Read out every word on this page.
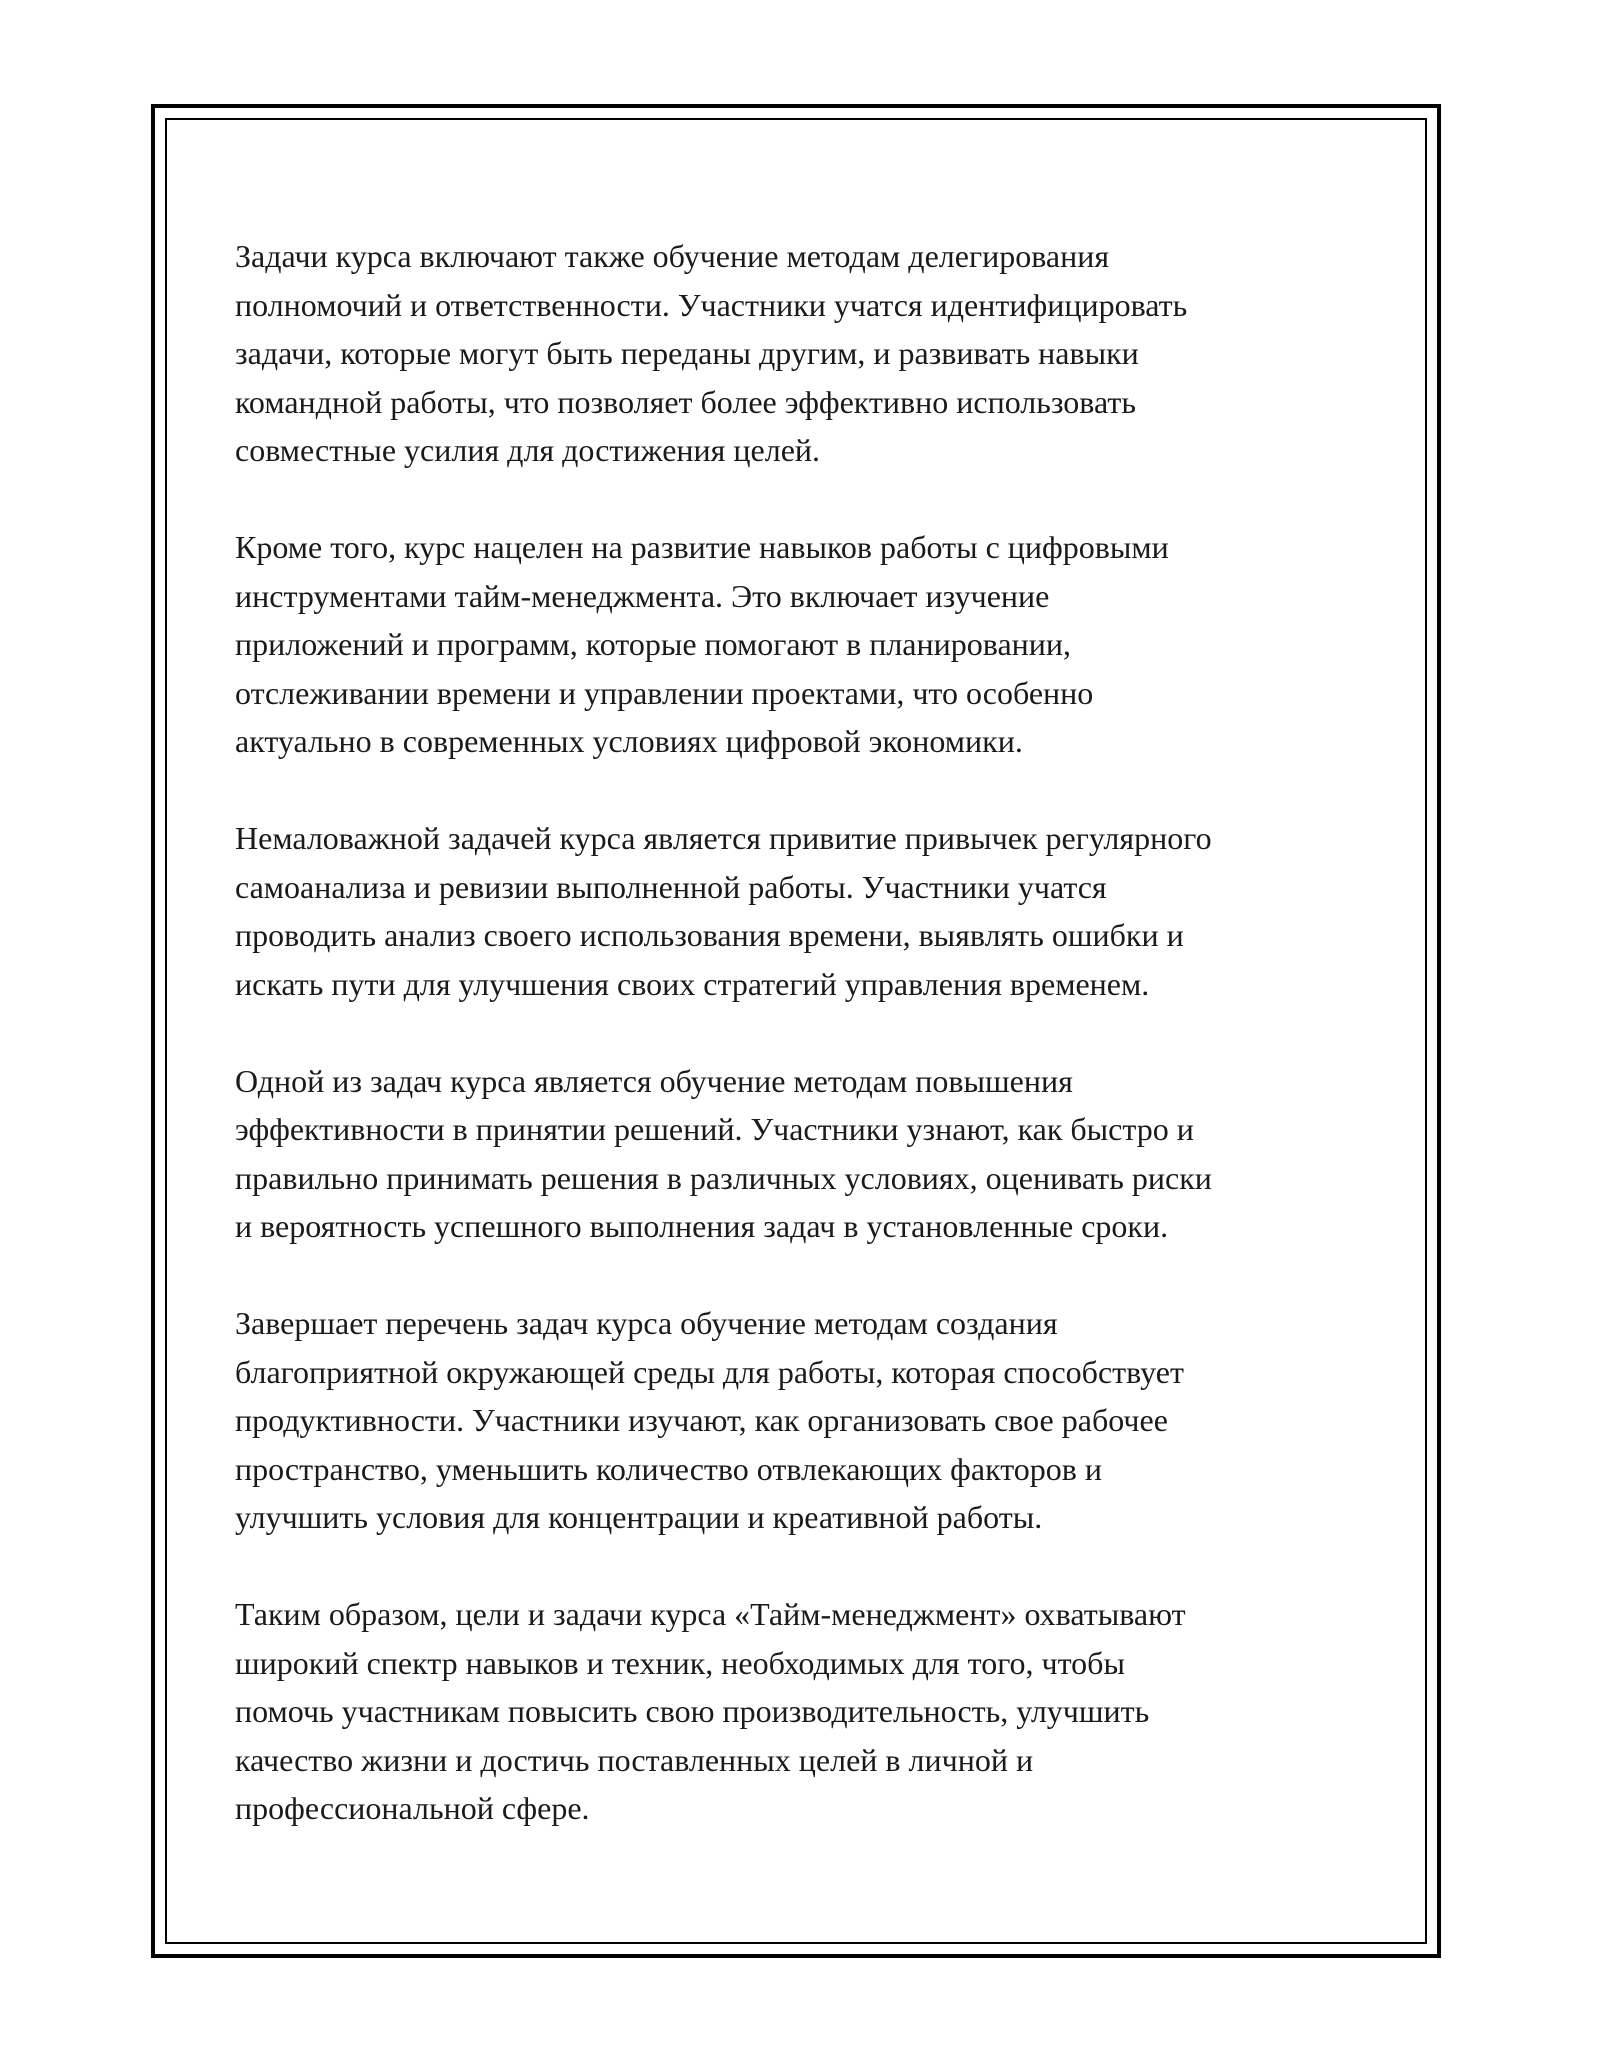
Задачи курса включают также обучение методам делегирования
полномочий и ответственности. Участники учатся идентифицировать
задачи, которые могут быть переданы другим, и развивать навыки
командной работы, что позволяет более эффективно использовать
совместные усилия для достижения целей.

Кроме того, курс нацелен на развитие навыков работы с цифровыми
инструментами тайм-менеджмента. Это включает изучение
приложений и программ, которые помогают в планировании,
отслеживании времени и управлении проектами, что особенно
актуально в современных условиях цифровой экономики.

Немаловажной задачей курса является привитие привычек регулярного
самоанализа и ревизии выполненной работы. Участники учатся
проводить анализ своего использования времени, выявлять ошибки и
искать пути для улучшения своих стратегий управления временем.

Одной из задач курса является обучение методам повышения
эффективности в принятии решений. Участники узнают, как быстро и
правильно принимать решения в различных условиях, оценивать риски
и вероятность успешного выполнения задач в установленные сроки.

Завершает перечень задач курса обучение методам создания
благоприятной окружающей среды для работы, которая способствует
продуктивности. Участники изучают, как организовать свое рабочее
пространство, уменьшить количество отвлекающих факторов и
улучшить условия для концентрации и креативной работы.

Таким образом, цели и задачи курса «Тайм-менеджмент» охватывают
широкий спектр навыков и техник, необходимых для того, чтобы
помочь участникам повысить свою производительность, улучшить
качество жизни и достичь поставленных целей в личной и
профессиональной сфере.
